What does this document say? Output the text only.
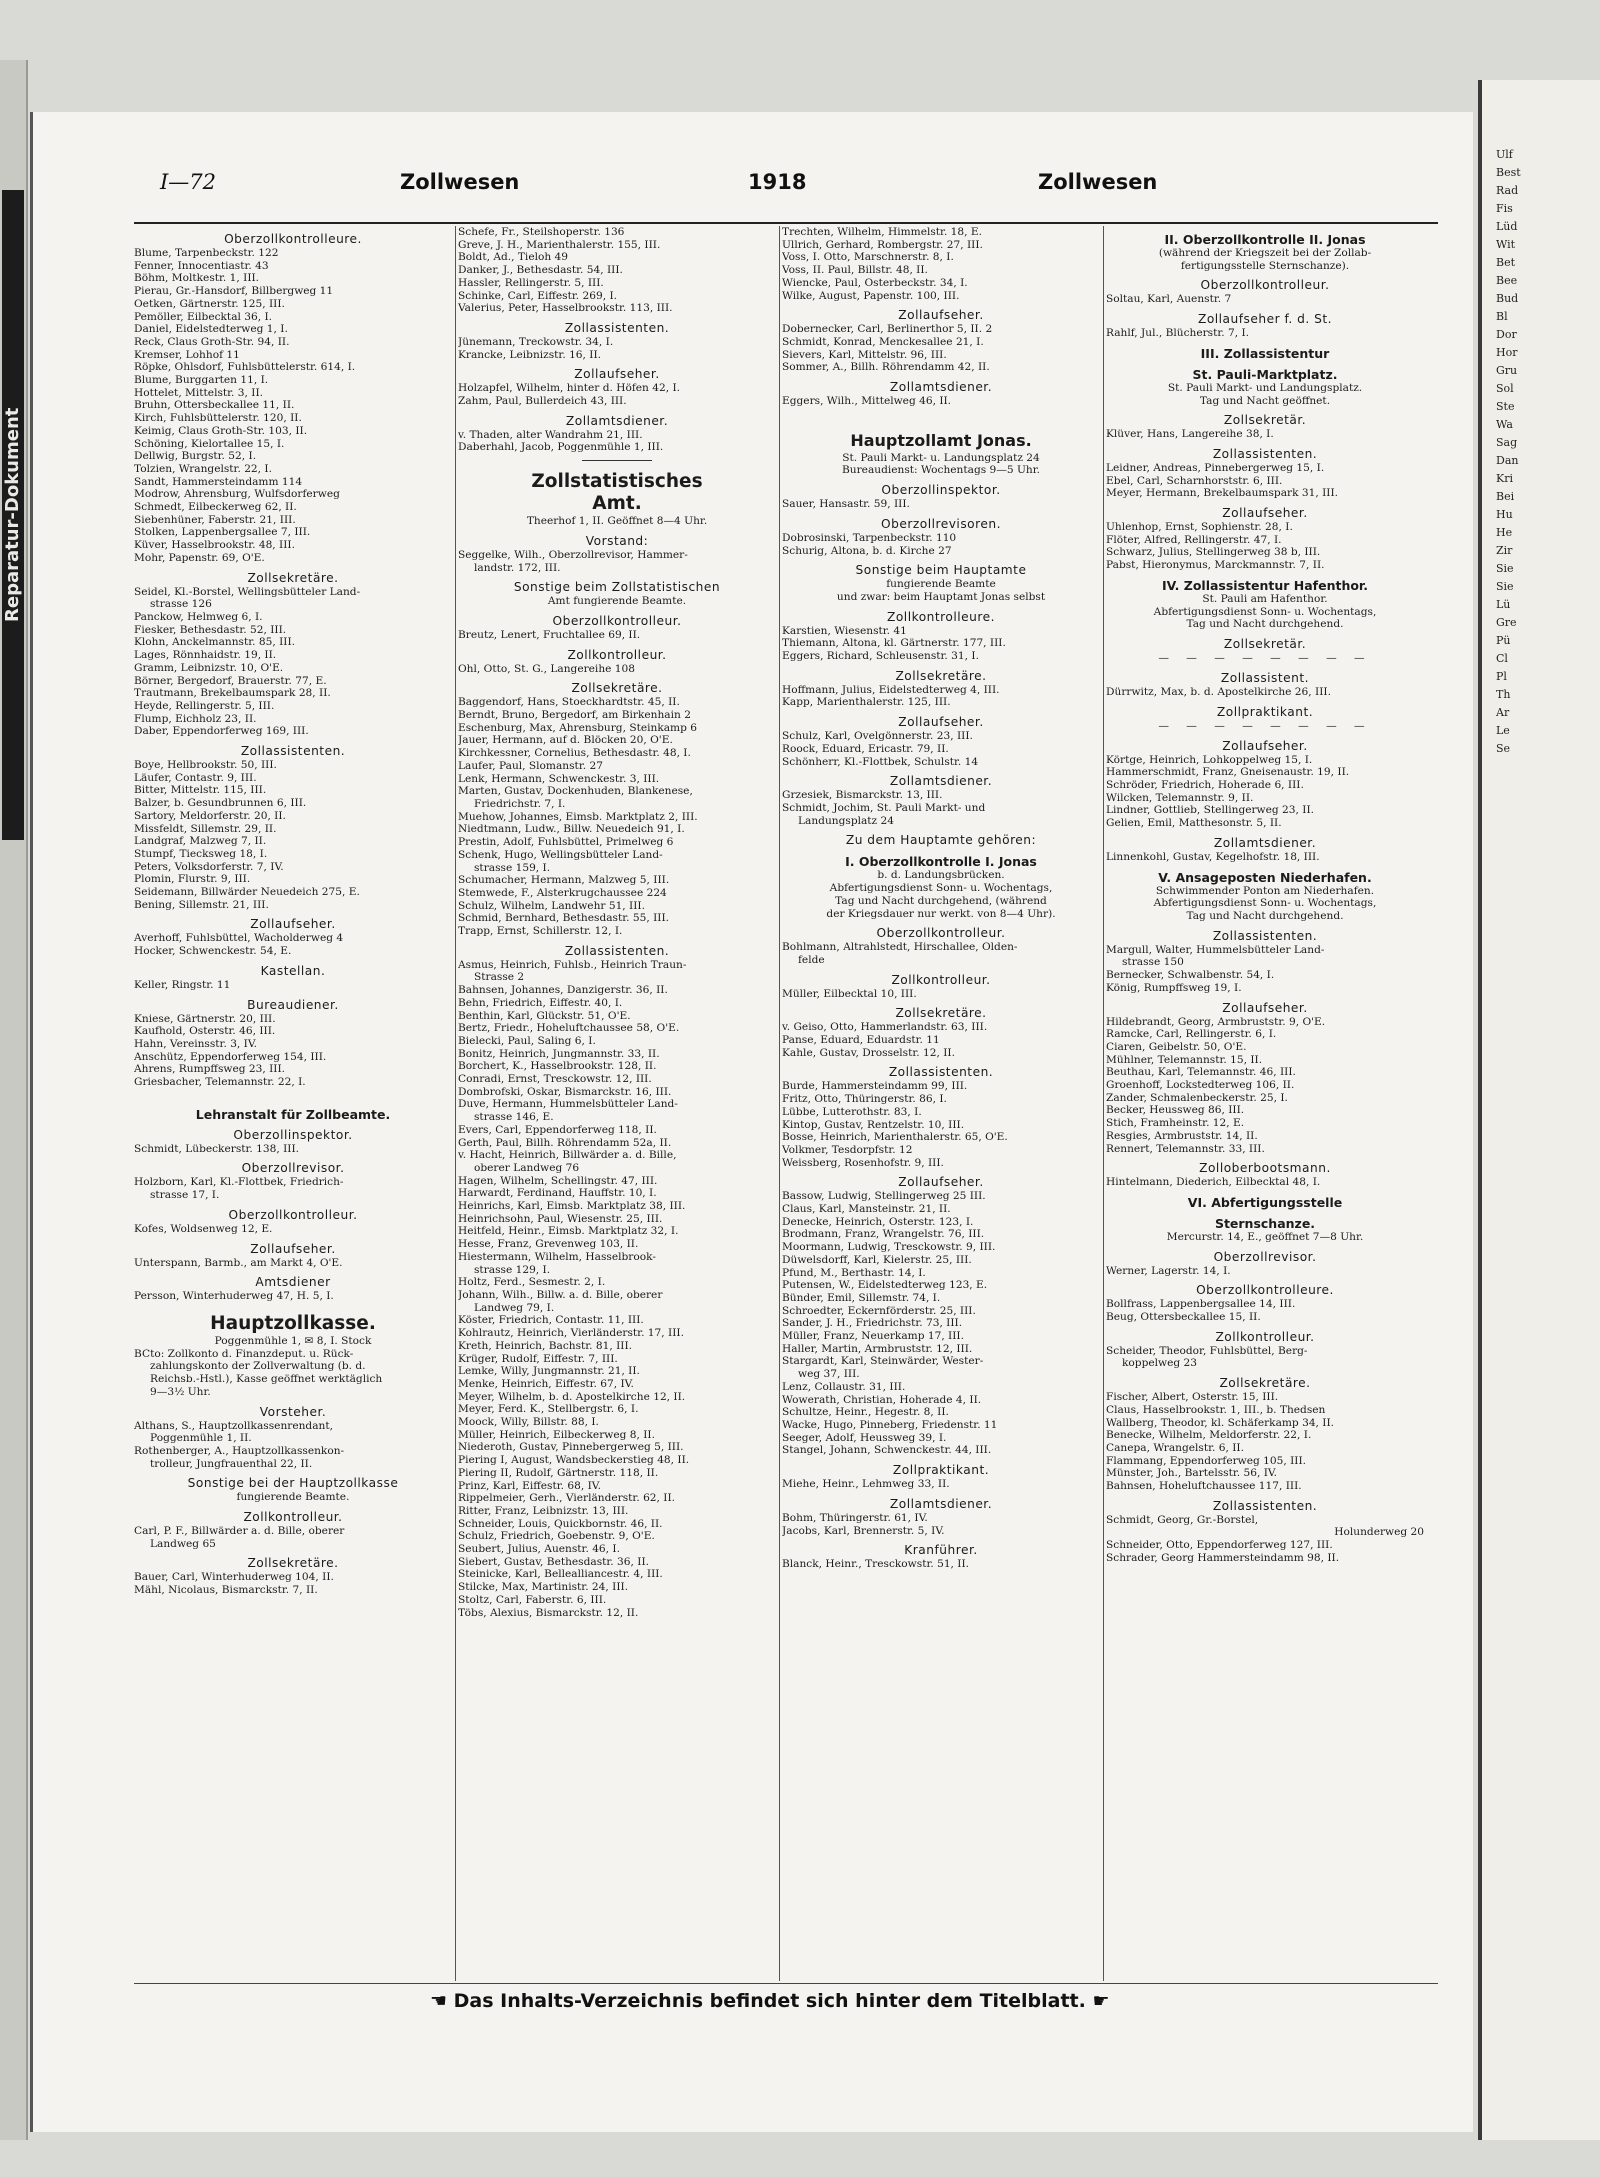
Reparatur-Dokument
Ulf
Best
Rad
Fis
Lüd
Wit
Bet
Bee
Bud
Bl
Dor
Hor
Gru
Sol
Ste
Wa
Sag
Dan
Kri
Bei
Hu
He
Zir
Sie
Sie
Lü
Gre
Pü
Cl
Pl
Th
Ar
Le
Se
I—72	Zollwesen	1918	Zollwesen
Oberzollkontrolleure.
Blume, Tarpenbeckstr. 122
Fenner, Innocentiastr. 43
Böhm, Moltkestr. 1, III.
Pierau, Gr.-Hansdorf, Billbergweg 11
Oetken, Gärtnerstr. 125, III.
Pemöller, Eilbecktal 36, I.
Daniel, Eidelstedterweg 1, I.
Reck, Claus Groth-Str. 94, II.
Kremser, Lohhof 11
Röpke, Ohlsdorf, Fuhlsbüttelerstr. 614, I.
Blume, Burggarten 11, I.
Hottelet, Mittelstr. 3, II.
Bruhn, Ottersbeckallee 11, II.
Kirch, Fuhlsbüttelerstr. 120, II.
Keimig, Claus Groth-Str. 103, II.
Schöning, Kielortallee 15, I.
Dellwig, Burgstr. 52, I.
Tolzien, Wrangelstr. 22, I.
Sandt, Hammersteindamm 114
Modrow, Ahrensburg, Wulfsdorferweg
Schmedt, Eilbeckerweg 62, II.
Siebenhüner, Faberstr. 21, III.
Stolken, Lappenbergsallee 7, III.
Küver, Hasselbrookstr. 48, III.
Mohr, Papenstr. 69, O'E.
Zollsekretäre.
Seidel, Kl.-Borstel, Wellingsbütteler Land-
strasse 126
Panckow, Helmweg 6, I.
Fiesker, Bethesdastr. 52, III.
Klohn, Anckelmannstr. 85, III.
Lages, Rönnhaidstr. 19, II.
Gramm, Leibnizstr. 10, O'E.
Börner, Bergedorf, Brauerstr. 77, E.
Trautmann, Brekelbaumspark 28, II.
Heyde, Rellingerstr. 5, III.
Flump, Eichholz 23, II.
Daber, Eppendorferweg 169, III.
Zollassistenten.
Boye, Hellbrookstr. 50, III.
Läufer, Contastr. 9, III.
Bitter, Mittelstr. 115, III.
Balzer, b. Gesundbrunnen 6, III.
Sartory, Meldorferstr. 20, II.
Missfeldt, Sillemstr. 29, II.
Landgraf, Malzweg 7, II.
Stumpf, Tiecksweg 18, I.
Peters, Volksdorferstr. 7, IV.
Plomin, Flurstr. 9, III.
Seidemann, Billwärder Neuedeich 275, E.
Bening, Sillemstr. 21, III.
Zollaufseher.
Averhoff, Fuhlsbüttel, Wacholderweg 4
Hocker, Schwenckestr. 54, E.
Kastellan.
Keller, Ringstr. 11
Bureaudiener.
Kniese, Gärtnerstr. 20, III.
Kaufhold, Osterstr. 46, III.
Hahn, Vereinsstr. 3, IV.
Anschütz, Eppendorferweg 154, III.
Ahrens, Rumpffsweg 23, III.
Griesbacher, Telemannstr. 22, I.
Lehranstalt für Zollbeamte.
Oberzollinspektor.
Schmidt, Lübeckerstr. 138, III.
Oberzollrevisor.
Holzborn, Karl, Kl.-Flottbek, Friedrich-
strasse 17, I.
Oberzollkontrolleur.
Kofes, Woldsenweg 12, E.
Zollaufseher.
Unterspann, Barmb., am Markt 4, O'E.
Amtsdiener
Persson, Winterhuderweg 47, H. 5, I.
Hauptzollkasse.
Poggenmühle 1, ✉ 8, I. Stock
BCto: Zollkonto d. Finanzdeput. u. Rück-
zahlungskonto der Zollverwaltung (b. d.
Reichsb.-Hstl.), Kasse geöffnet werktäglich
9—3½ Uhr.
Vorsteher.
Althans, S., Hauptzollkassenrendant,
Poggenmühle 1, II.
Rothenberger, A., Hauptzollkassenkon-
trolleur, Jungfrauenthal 22, II.
Sonstige bei der Hauptzollkasse
fungierende Beamte.
Zollkontrolleur.
Carl, P. F., Billwärder a. d. Bille, oberer
Landweg 65
Zollsekretäre.
Bauer, Carl, Winterhuderweg 104, II.
Mähl, Nicolaus, Bismarckstr. 7, II.
Schefe, Fr., Steilshoperstr. 136
Greve, J. H., Marienthalerstr. 155, III.
Boldt, Ad., Tieloh 49
Danker, J., Bethesdastr. 54, III.
Hassler, Rellingerstr. 5, III.
Schinke, Carl, Eiffestr. 269, I.
Valerius, Peter, Hasselbrookstr. 113, III.
Zollassistenten.
Jünemann, Treckowstr. 34, I.
Krancke, Leibnizstr. 16, II.
Zollaufseher.
Holzapfel, Wilhelm, hinter d. Höfen 42, I.
Zahm, Paul, Bullerdeich 43, III.
Zollamtsdiener.
v. Thaden, alter Wandrahm 21, III.
Daberhahl, Jacob, Poggenmühle 1, III.
Zollstatistisches
Amt.
Theerhof 1, II. Geöffnet 8—4 Uhr.
Vorstand:
Seggelke, Wilh., Oberzollrevisor, Hammer-
landstr. 172, III.
Sonstige beim Zollstatistischen
Amt fungierende Beamte.
Oberzollkontrolleur.
Breutz, Lenert, Fruchtallee 69, II.
Zollkontrolleur.
Ohl, Otto, St. G., Langereihe 108
Zollsekretäre.
Baggendorf, Hans, Stoeckhardtstr. 45, II.
Berndt, Bruno, Bergedorf, am Birkenhain 2
Eschenburg, Max, Ahrensburg, Steinkamp 6
Jauer, Hermann, auf d. Blöcken 20, O'E.
Kirchkessner, Cornelius, Bethesdastr. 48, I.
Laufer, Paul, Slomanstr. 27
Lenk, Hermann, Schwenckestr. 3, III.
Marten, Gustav, Dockenhuden, Blankenese,
Friedrichstr. 7, I.
Muehow, Johannes, Eimsb. Marktplatz 2, III.
Niedtmann, Ludw., Billw. Neuedeich 91, I.
Prestin, Adolf, Fuhlsbüttel, Primelweg 6
Schenk, Hugo, Wellingsbütteler Land-
strasse 159, I.
Schumacher, Hermann, Malzweg 5, III.
Stemwede, F., Alsterkrugchaussee 224
Schulz, Wilhelm, Landwehr 51, III.
Schmid, Bernhard, Bethesdastr. 55, III.
Trapp, Ernst, Schillerstr. 12, I.
Zollassistenten.
Asmus, Heinrich, Fuhlsb., Heinrich Traun-
Strasse 2
Bahnsen, Johannes, Danzigerstr. 36, II.
Behn, Friedrich, Eiffestr. 40, I.
Benthin, Karl, Glückstr. 51, O'E.
Bertz, Friedr., Hoheluftchaussee 58, O'E.
Bielecki, Paul, Saling 6, I.
Bonitz, Heinrich, Jungmannstr. 33, II.
Borchert, K., Hasselbrookstr. 128, II.
Conradi, Ernst, Tresckowstr. 12, III.
Dombrofski, Oskar, Bismarckstr. 16, III.
Duve, Hermann, Hummelsbütteler Land-
strasse 146, E.
Evers, Carl, Eppendorferweg 118, II.
Gerth, Paul, Billh. Röhrendamm 52a, II.
v. Hacht, Heinrich, Billwärder a. d. Bille,
oberer Landweg 76
Hagen, Wilhelm, Schellingstr. 47, III.
Harwardt, Ferdinand, Hauffstr. 10, I.
Heinrichs, Karl, Eimsb. Marktplatz 38, III.
Heinrichsohn, Paul, Wiesenstr. 25, III.
Heitfeld, Heinr., Eimsb. Marktplatz 32, I.
Hesse, Franz, Grevenweg 103, II.
Hiestermann, Wilhelm, Hasselbrook-
strasse 129, I.
Holtz, Ferd., Sesmestr. 2, I.
Johann, Wilh., Billw. a. d. Bille, oberer
Landweg 79, I.
Köster, Friedrich, Contastr. 11, III.
Kohlrautz, Heinrich, Vierländerstr. 17, III.
Kreth, Heinrich, Bachstr. 81, III.
Krüger, Rudolf, Eiffestr. 7, III.
Lemke, Willy, Jungmannstr. 21, II.
Menke, Heinrich, Eiffestr. 67, IV.
Meyer, Wilhelm, b. d. Apostelkirche 12, II.
Meyer, Ferd. K., Stellbergstr. 6, I.
Moock, Willy, Billstr. 88, I.
Müller, Heinrich, Eilbeckerweg 8, II.
Niederoth, Gustav, Pinnebergerweg 5, III.
Piering I, August, Wandsbeckerstieg 48, II.
Piering II, Rudolf, Gärtnerstr. 118, II.
Prinz, Karl, Eiffestr. 68, IV.
Rippelmeier, Gerh., Vierländerstr. 62, II.
Ritter, Franz, Leibnizstr. 13, III.
Schneider, Louis, Quickbornstr. 46, II.
Schulz, Friedrich, Goebenstr. 9, O'E.
Seubert, Julius, Auenstr. 46, I.
Siebert, Gustav, Bethesdastr. 36, II.
Steinicke, Karl, Bellealliancestr. 4, III.
Stilcke, Max, Martinistr. 24, III.
Stoltz, Carl, Faberstr. 6, III.
Töbs, Alexius, Bismarckstr. 12, II.
Trechten, Wilhelm, Himmelstr. 18, E.
Ullrich, Gerhard, Rombergstr. 27, III.
Voss, I. Otto, Marschnerstr. 8, I.
Voss, II. Paul, Billstr. 48, II.
Wiencke, Paul, Osterbeckstr. 34, I.
Wilke, August, Papenstr. 100, III.
Zollaufseher.
Dobernecker, Carl, Berlinerthor 5, II. 2
Schmidt, Konrad, Menckesallee 21, I.
Sievers, Karl, Mittelstr. 96, III.
Sommer, A., Billh. Röhrendamm 42, II.
Zollamtsdiener.
Eggers, Wilh., Mittelweg 46, II.
Hauptzollamt Jonas.
St. Pauli Markt- u. Landungsplatz 24
Bureaudienst: Wochentags 9—5 Uhr.
Oberzollinspektor.
Sauer, Hansastr. 59, III.
Oberzollrevisoren.
Dobrosinski, Tarpenbeckstr. 110
Schurig, Altona, b. d. Kirche 27
Sonstige beim Hauptamte
fungierende Beamte
und zwar: beim Hauptamt Jonas selbst
Zollkontrolleure.
Karstien, Wiesenstr. 41
Thiemann, Altona, kl. Gärtnerstr. 177, III.
Eggers, Richard, Schleusenstr. 31, I.
Zollsekretäre.
Hoffmann, Julius, Eidelstedterweg 4, III.
Kapp, Marienthalerstr. 125, III.
Zollaufseher.
Schulz, Karl, Ovelgönnerstr. 23, III.
Roock, Eduard, Ericastr. 79, II.
Schönherr, Kl.-Flottbek, Schulstr. 14
Zollamtsdiener.
Grzesiek, Bismarckstr. 13, III.
Schmidt, Jochim, St. Pauli Markt- und
Landungsplatz 24
Zu dem Hauptamte gehören:
I. Oberzollkontrolle I. Jonas
b. d. Landungsbrücken.
Abfertigungsdienst Sonn- u. Wochentags,
Tag und Nacht durchgehend, (während
der Kriegsdauer nur werkt. von 8—4 Uhr).
Oberzollkontrolleur.
Bohlmann, Altrahlstedt, Hirschallee, Olden-
felde
Zollkontrolleur.
Müller, Eilbecktal 10, III.
Zollsekretäre.
v. Geiso, Otto, Hammerlandstr. 63, III.
Panse, Eduard, Eduardstr. 11
Kahle, Gustav, Drosselstr. 12, II.
Zollassistenten.
Burde, Hammersteindamm 99, III.
Fritz, Otto, Thüringerstr. 86, I.
Lübbe, Lutterothstr. 83, I.
Kintop, Gustav, Rentzelstr. 10, III.
Bosse, Heinrich, Marienthalerstr. 65, O'E.
Volkmer, Tesdorpfstr. 12
Weissberg, Rosenhofstr. 9, III.
Zollaufseher.
Bassow, Ludwig, Stellingerweg 25 III.
Claus, Karl, Mansteinstr. 21, II.
Denecke, Heinrich, Osterstr. 123, I.
Brodmann, Franz, Wrangelstr. 76, III.
Moormann, Ludwig, Tresckowstr. 9, III.
Düwelsdorff, Karl, Kielerstr. 25, III.
Pfund, M., Berthastr. 14, I.
Putensen, W., Eidelstedterweg 123, E.
Bünder, Emil, Sillemstr. 74, I.
Schroedter, Eckernförderstr. 25, III.
Sander, J. H., Friedrichstr. 73, III.
Müller, Franz, Neuerkamp 17, III.
Haller, Martin, Armbruststr. 12, III.
Stargardt, Karl, Steinwärder, Wester-
weg 37, III.
Lenz, Collaustr. 31, III.
Wowerath, Christian, Hoherade 4, II.
Schultze, Heinr., Hegestr. 8, II.
Wacke, Hugo, Pinneberg, Friedenstr. 11
Seeger, Adolf, Heussweg 39, I.
Stangel, Johann, Schwenckestr. 44, III.
Zollpraktikant.
Miehe, Heinr., Lehmweg 33, II.
Zollamtsdiener.
Bohm, Thüringerstr. 61, IV.
Jacobs, Karl, Brennerstr. 5, IV.
Kranführer.
Blanck, Heinr., Tresckowstr. 51, II.
II. Oberzollkontrolle II. Jonas
(während der Kriegszeit bei der Zollab-
fertigungsstelle Sternschanze).
Oberzollkontrolleur.
Soltau, Karl, Auenstr. 7
Zollaufseher f. d. St.
Rahlf, Jul., Blücherstr. 7, I.
III. Zollassistentur
St. Pauli-Marktplatz.
St. Pauli Markt- und Landungsplatz.
Tag und Nacht geöffnet.
Zollsekretär.
Klüver, Hans, Langereihe 38, I.
Zollassistenten.
Leidner, Andreas, Pinnebergerweg 15, I.
Ebel, Carl, Scharnhorststr. 6, III.
Meyer, Hermann, Brekelbaumspark 31, III.
Zollaufseher.
Uhlenhop, Ernst, Sophienstr. 28, I.
Flöter, Alfred, Rellingerstr. 47, I.
Schwarz, Julius, Stellingerweg 38 b, III.
Pabst, Hieronymus, Marckmannstr. 7, II.
IV. Zollassistentur Hafenthor.
St. Pauli am Hafenthor.
Abfertigungsdienst Sonn- u. Wochentags,
Tag und Nacht durchgehend.
Zollsekretär.
— — — — — — — —
Zollassistent.
Dürrwitz, Max, b. d. Apostelkirche 26, III.
Zollpraktikant.
— — — — — — — —
Zollaufseher.
Körtge, Heinrich, Lohkoppelweg 15, I.
Hammerschmidt, Franz, Gneisenaustr. 19, II.
Schröder, Friedrich, Hoherade 6, III.
Wilcken, Telemannstr. 9, II.
Lindner, Gottlieb, Stellingerweg 23, II.
Gelien, Emil, Matthesonstr. 5, II.
Zollamtsdiener.
Linnenkohl, Gustav, Kegelhofstr. 18, III.
V. Ansageposten Niederhafen.
Schwimmender Ponton am Niederhafen.
Abfertigungsdienst Sonn- u. Wochentags,
Tag und Nacht durchgehend.
Zollassistenten.
Margull, Walter, Hummelsbütteler Land-
strasse 150
Bernecker, Schwalbenstr. 54, I.
König, Rumpffsweg 19, I.
Zollaufseher.
Hildebrandt, Georg, Armbruststr. 9, O'E.
Ramcke, Carl, Rellingerstr. 6, I.
Ciaren, Geibelstr. 50, O'E.
Mühlner, Telemannstr. 15, II.
Beuthau, Karl, Telemannstr. 46, III.
Groenhoff, Lockstedterweg 106, II.
Zander, Schmalenbeckerstr. 25, I.
Becker, Heussweg 86, III.
Stich, Framheinstr. 12, E.
Resgies, Armbruststr. 14, II.
Rennert, Telemannstr. 33, III.
Zolloberbootsmann.
Hintelmann, Diederich, Eilbecktal 48, I.
VI. Abfertigungsstelle
Sternschanze.
Mercurstr. 14, E., geöffnet 7—8 Uhr.
Oberzollrevisor.
Werner, Lagerstr. 14, I.
Oberzollkontrolleure.
Bollfrass, Lappenbergsallee 14, III.
Beug, Ottersbeckallee 15, II.
Zollkontrolleur.
Scheider, Theodor, Fuhlsbüttel, Berg-
koppelweg 23
Zollsekretäre.
Fischer, Albert, Osterstr. 15, III.
Claus, Hasselbrookstr. 1, III., b. Thedsen
Wallberg, Theodor, kl. Schäferkamp 34, II.
Benecke, Wilhelm, Meldorferstr. 22, I.
Canepa, Wrangelstr. 6, II.
Flammang, Eppendorferweg 105, III.
Münster, Joh., Bartelsstr. 56, IV.
Bahnsen, Hoheluftchaussee 117, III.
Zollassistenten.
Schmidt, Georg, Gr.-Borstel,
Holunderweg 20
Schneider, Otto, Eppendorferweg 127, III.
Schrader, Georg Hammersteindamm 98, II.
☚ Das Inhalts-Verzeichnis befindet sich hinter dem Titelblatt. ☛
